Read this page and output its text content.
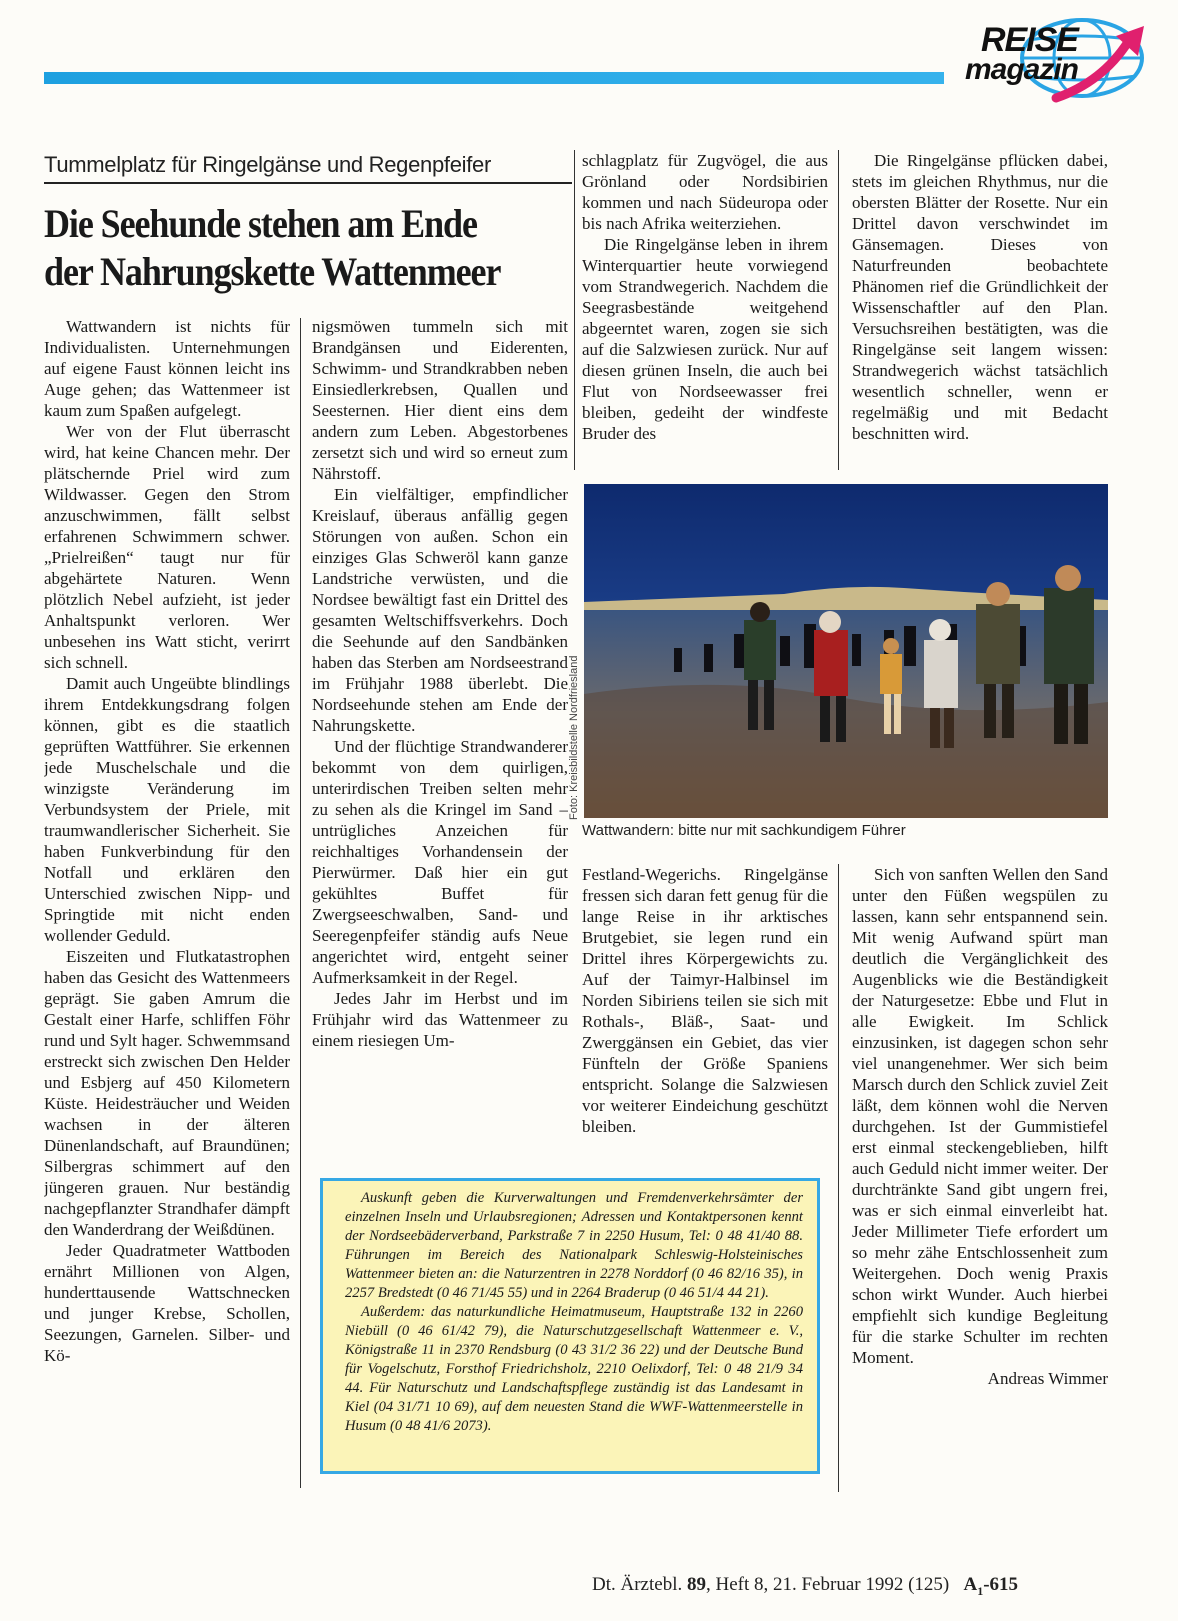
REISE
magazin
Tummelplatz für Ringelgänse und Regenpfeifer
Die Seehunde stehen am Ende
der Nahrungskette Wattenmeer

Wattwandern ist nichts für Individualisten. Unternehmungen auf eigene Faust können leicht ins Auge gehen; das Wattenmeer ist kaum zum Spaßen aufgelegt.

Wer von der Flut überrascht wird, hat keine Chancen mehr. Der plätschernde Priel wird zum Wildwasser. Gegen den Strom anzuschwimmen, fällt selbst erfahrenen Schwimmern schwer. „Prielreißen“ taugt nur für abgehärtete Naturen. Wenn plötzlich Nebel aufzieht, ist jeder Anhaltspunkt verloren. Wer unbesehen ins Watt sticht, verirrt sich schnell.

Damit auch Ungeübte blindlings ihrem Entdekkungsdrang folgen können, gibt es die staatlich geprüften Wattführer. Sie erkennen jede Muschelschale und die winzigste Veränderung im Verbundsystem der Priele, mit traumwandlerischer Sicherheit. Sie haben Funkverbindung für den Notfall und erklären den Unterschied zwischen Nipp- und Springtide mit nicht enden wollender Geduld.

Eiszeiten und Flutkatastrophen haben das Gesicht des Wattenmeers geprägt. Sie gaben Amrum die Gestalt einer Harfe, schliffen Föhr rund und Sylt hager. Schwemmsand erstreckt sich zwischen Den Helder und Esbjerg auf 450 Kilometern Küste. Heidesträucher und Weiden wachsen in der älteren Dünenlandschaft, auf Braundünen; Silbergras schimmert auf den jüngeren grauen. Nur beständig nachgepflanzter Strandhafer dämpft den Wanderdrang der Weißdünen.

Jeder Quadratmeter Wattboden ernährt Millionen von Algen, hunderttausende Wattschnecken und junger Krebse, Schollen, Seezungen, Garnelen. Silber- und Kö-

nigsmöwen tummeln sich mit Brandgänsen und Eiderenten, Schwimm- und Strandkrabben neben Einsiedlerkrebsen, Quallen und Seesternen. Hier dient eins dem andern zum Leben. Abgestorbenes zersetzt sich und wird so erneut zum Nährstoff.

Ein vielfältiger, empfindlicher Kreislauf, überaus anfällig gegen Störungen von außen. Schon ein einziges Glas Schweröl kann ganze Landstriche verwüsten, und die Nordsee bewältigt fast ein Drittel des gesamten Weltschiffsverkehrs. Doch die Seehunde auf den Sandbänken haben das Sterben am Nordseestrand im Frühjahr 1988 überlebt. Die Nordseehunde stehen am Ende der Nahrungskette.

Und der flüchtige Strandwanderer bekommt von dem quirligen, unterirdischen Treiben selten mehr zu sehen als die Kringel im Sand – untrügliches Anzeichen für reichhaltiges Vorhandensein der Pierwürmer. Daß hier ein gut gekühltes Buffet für Zwergseeschwalben, Sand- und Seeregenpfeifer ständig aufs Neue angerichtet wird, entgeht seiner Aufmerksamkeit in der Regel.

Jedes Jahr im Herbst und im Frühjahr wird das Wattenmeer zu einem riesiegen Um-

schlagplatz für Zugvögel, die aus Grönland oder Nordsibirien kommen und nach Südeuropa oder bis nach Afrika weiterziehen.

Die Ringelgänse leben in ihrem Winterquartier heute vorwiegend vom Strandwegerich. Nachdem die Seegrasbestände weitgehend abgeerntet waren, zogen sie sich auf die Salzwiesen zurück. Nur auf diesen grünen Inseln, die auch bei Flut von Nordseewasser frei bleiben, gedeiht der windfeste Bruder des

Die Ringelgänse pflücken dabei, stets im gleichen Rhythmus, nur die obersten Blätter der Rosette. Nur ein Drittel davon verschwindet im Gänsemagen. Dieses von Naturfreunden beobachtete Phänomen rief die Gründlichkeit der Wissenschaftler auf den Plan. Versuchsreihen bestätigten, was die Ringelgänse seit langem wissen: Strandwegerich wächst tatsächlich wesentlich schneller, wenn er regelmäßig und mit Bedacht beschnitten wird.

Foto: Kreisbildstelle Nordfriesland
Wattwandern: bitte nur mit sachkundigem Führer

Festland-Wegerichs. Ringelgänse fressen sich daran fett genug für die lange Reise in ihr arktisches Brutgebiet, sie legen rund ein Drittel ihres Körpergewichts zu. Auf der Taimyr-Halbinsel im Norden Sibiriens teilen sie sich mit Rothals-, Bläß-, Saat- und Zwerggänsen ein Gebiet, das vier Fünfteln der Größe Spaniens entspricht. Solange die Salzwiesen vor weiterer Eindeichung geschützt bleiben.

Sich von sanften Wellen den Sand unter den Füßen wegspülen zu lassen, kann sehr entspannend sein. Mit wenig Aufwand spürt man deutlich die Vergänglichkeit des Augenblicks wie die Beständigkeit der Naturgesetze: Ebbe und Flut in alle Ewigkeit. Im Schlick einzusinken, ist dagegen schon sehr viel unangenehmer. Wer sich beim Marsch durch den Schlick zuviel Zeit läßt, dem können wohl die Nerven durchgehen. Ist der Gummistiefel erst einmal steckengeblieben, hilft auch Geduld nicht immer weiter. Der durchtränkte Sand gibt ungern frei, was er sich einmal einverleibt hat. Jeder Millimeter Tiefe erfordert um so mehr zähe Entschlossenheit zum Weitergehen. Doch wenig Praxis schon wirkt Wunder. Auch hierbei empfiehlt sich kundige Begleitung für die starke Schulter im rechten Moment.

Andreas Wimmer

Auskunft geben die Kurverwaltungen und Fremdenverkehrsämter der einzelnen Inseln und Urlaubsregionen; Adressen und Kontaktpersonen kennt der Nordseebäderverband, Parkstraße 7 in 2250 Husum, Tel: 0 48 41/40 88. Führungen im Bereich des Nationalpark Schleswig-Holsteinisches Wattenmeer bieten an: die Naturzentren in 2278 Norddorf (0 46 82/16 35), in 2257 Bredstedt (0 46 71/45 55) und in 2264 Braderup (0 46 51/4 44 21).

Außerdem: das naturkundliche Heimatmuseum, Hauptstraße 132 in 2260 Niebüll (0 46 61/42 79), die Naturschutzgesellschaft Wattenmeer e. V., Königstraße 11 in 2370 Rendsburg (0 43 31/2 36 22) und der Deutsche Bund für Vogelschutz, Forsthof Friedrichsholz, 2210 Oelixdorf, Tel: 0 48 21/9 34 44. Für Naturschutz und Landschaftspflege zuständig ist das Landesamt in Kiel (04 31/71 10 69), auf dem neuesten Stand die WWF-Wattenmeerstelle in Husum (0 48 41/6 2073).

Dt. Ärztebl. 89, Heft 8, 21. Februar 1992 (125) $A_1-615$
